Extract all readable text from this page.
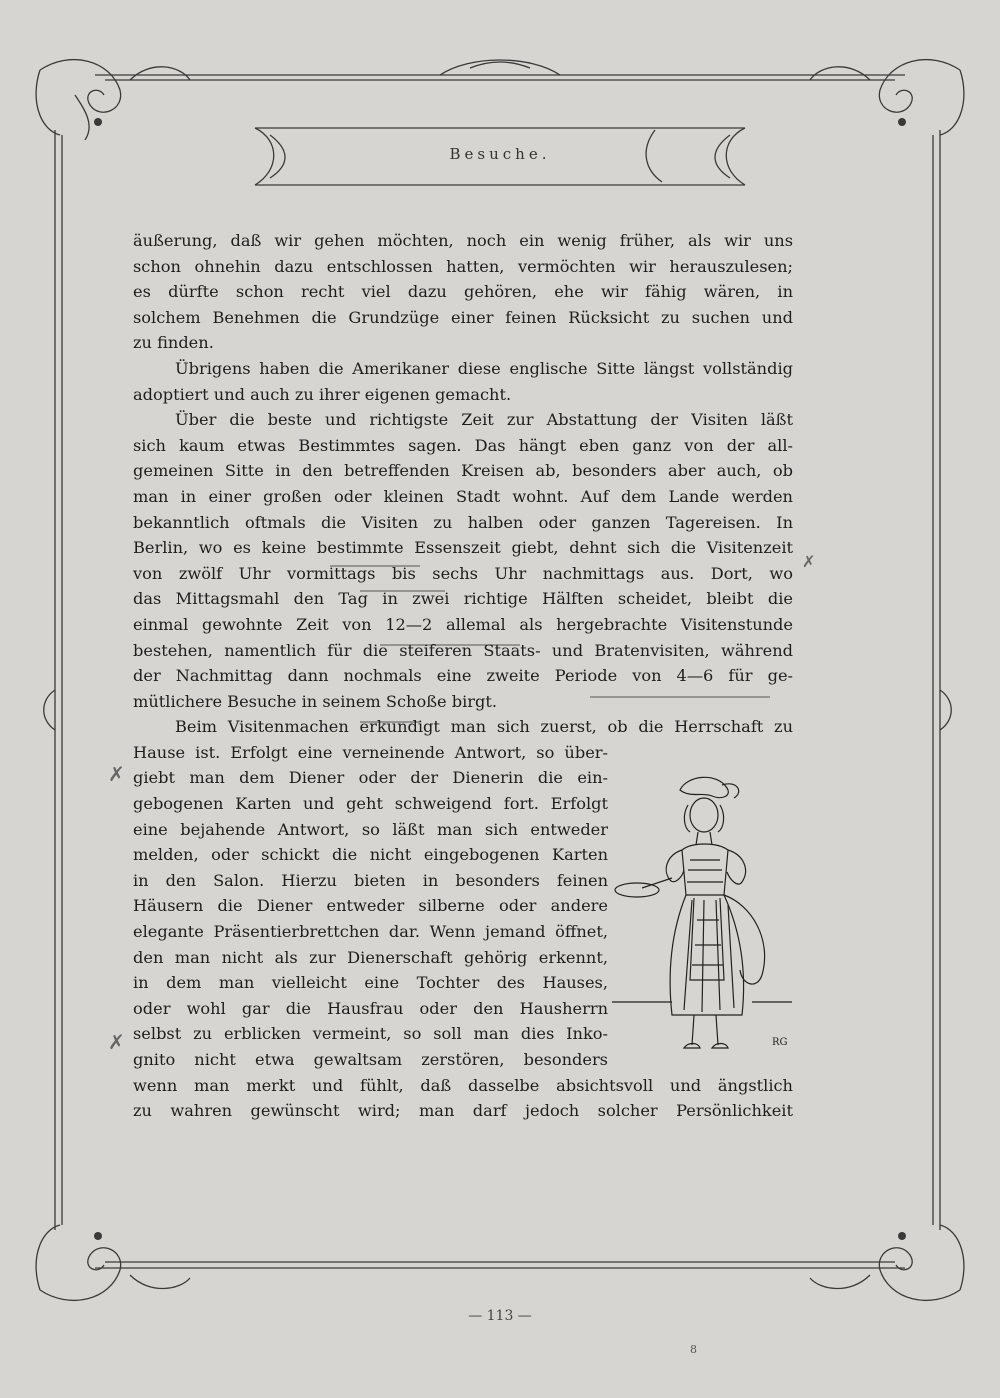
Besuche.
äußerung, daß wir gehen möchten, noch ein wenig früher, als wir uns
schon ohnehin dazu entschlossen hatten, vermöchten wir herauszulesen;
es dürfte schon recht viel dazu gehören, ehe wir fähig wären, in
solchem Benehmen die Grundzüge einer feinen Rücksicht zu suchen und
zu finden.
Übrigens haben die Amerikaner diese englische Sitte längst vollständig
adoptiert und auch zu ihrer eigenen gemacht.
Über die beste und richtigste Zeit zur Abstattung der Visiten läßt
sich kaum etwas Bestimmtes sagen. Das hängt eben ganz von der all-
gemeinen Sitte in den betreffenden Kreisen ab, besonders aber auch, ob
man in einer großen oder kleinen Stadt wohnt. Auf dem Lande werden
bekanntlich oftmals die Visiten zu halben oder ganzen Tagereisen. In
Berlin, wo es keine bestimmte Essenszeit giebt, dehnt sich die Visitenzeit
von zwölf Uhr vormittags bis sechs Uhr nachmittags aus. Dort, wo
das Mittagsmahl den Tag in zwei richtige Hälften scheidet, bleibt die
einmal gewohnte Zeit von 12—2 allemal als hergebrachte Visitenstunde
bestehen, namentlich für die steiferen Staats- und Bratenvisiten, während
der Nachmittag dann nochmals eine zweite Periode von 4—6 für ge-
mütlichere Besuche in seinem Schoße birgt.
Beim Visitenmachen erkundigt man sich zuerst, ob die Herrschaft zu
Hause ist. Erfolgt eine verneinende Antwort, so über-
giebt man dem Diener oder der Dienerin die ein-
gebogenen Karten und geht schweigend fort. Erfolgt
eine bejahende Antwort, so läßt man sich entweder
melden, oder schickt die nicht eingebogenen Karten
in den Salon. Hierzu bieten in besonders feinen
Häusern die Diener entweder silberne oder andere
elegante Präsentierbrettchen dar. Wenn jemand öffnet,
den man nicht als zur Dienerschaft gehörig erkennt,
in dem man vielleicht eine Tochter des Hauses,
oder wohl gar die Hausfrau oder den Hausherrn
selbst zu erblicken vermeint, so soll man dies Inko-
gnito nicht etwa gewaltsam zerstören, besonders
wenn man merkt und fühlt, daß dasselbe absichtsvoll und ängstlich
zu wahren gewünscht wird; man darf jedoch solcher Persönlichkeit
RG
✗
✗
✗
— 113 —
8
